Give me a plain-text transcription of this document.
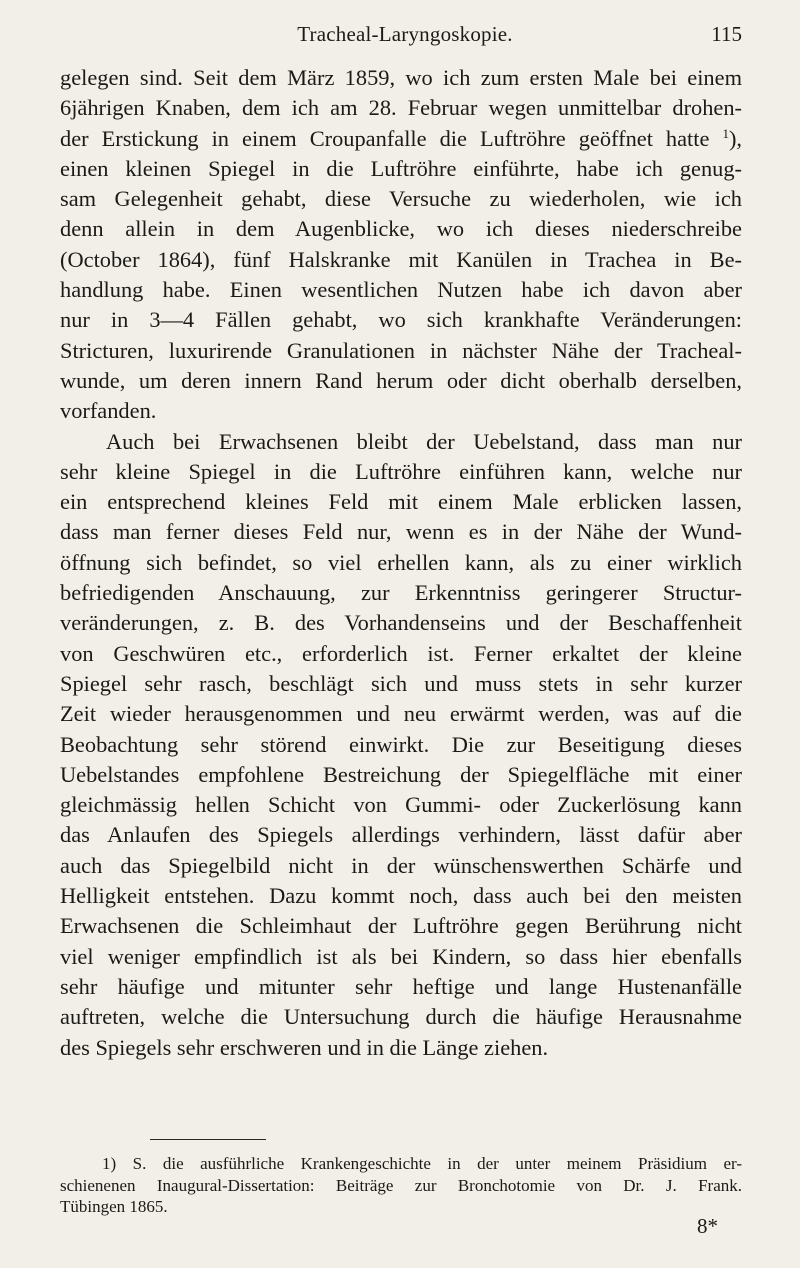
Tracheal-Laryngoskopie.	115
gelegen sind. Seit dem März 1859, wo ich zum ersten Male bei einem
6jährigen Knaben, dem ich am 28. Februar wegen unmittelbar drohen-
der Erstickung in einem Croupanfalle die Luftröhre geöffnet hatte $^1$),
einen kleinen Spiegel in die Luftröhre einführte, habe ich genug-
sam Gelegenheit gehabt, diese Versuche zu wiederholen, wie ich
denn allein in dem Augenblicke, wo ich dieses niederschreibe
(October 1864), fünf Halskranke mit Kanülen in Trachea in Be-
handlung habe. Einen wesentlichen Nutzen habe ich davon aber
nur in 3—4 Fällen gehabt, wo sich krankhafte Veränderungen:
Stricturen, luxurirende Granulationen in nächster Nähe der Tracheal-
wunde, um deren innern Rand herum oder dicht oberhalb derselben,
vorfanden.
Auch bei Erwachsenen bleibt der Uebelstand, dass man nur
sehr kleine Spiegel in die Luftröhre einführen kann, welche nur
ein entsprechend kleines Feld mit einem Male erblicken lassen,
dass man ferner dieses Feld nur, wenn es in der Nähe der Wund-
öffnung sich befindet, so viel erhellen kann, als zu einer wirklich
befriedigenden Anschauung, zur Erkenntniss geringerer Structur-
veränderungen, z. B. des Vorhandenseins und der Beschaffenheit
von Geschwüren etc., erforderlich ist. Ferner erkaltet der kleine
Spiegel sehr rasch, beschlägt sich und muss stets in sehr kurzer
Zeit wieder herausgenommen und neu erwärmt werden, was auf die
Beobachtung sehr störend einwirkt. Die zur Beseitigung dieses
Uebelstandes empfohlene Bestreichung der Spiegelfläche mit einer
gleichmässig hellen Schicht von Gummi- oder Zuckerlösung kann
das Anlaufen des Spiegels allerdings verhindern, lässt dafür aber
auch das Spiegelbild nicht in der wünschenswerthen Schärfe und
Helligkeit entstehen. Dazu kommt noch, dass auch bei den meisten
Erwachsenen die Schleimhaut der Luftröhre gegen Berührung nicht
viel weniger empfindlich ist als bei Kindern, so dass hier ebenfalls
sehr häufige und mitunter sehr heftige und lange Hustenanfälle
auftreten, welche die Untersuchung durch die häufige Herausnahme
des Spiegels sehr erschweren und in die Länge ziehen.
1) S. die ausführliche Krankengeschichte in der unter meinem Präsidium er-
schienenen Inaugural-Dissertation: Beiträge zur Bronchotomie von Dr. J. Frank.
Tübingen 1865.
8*
